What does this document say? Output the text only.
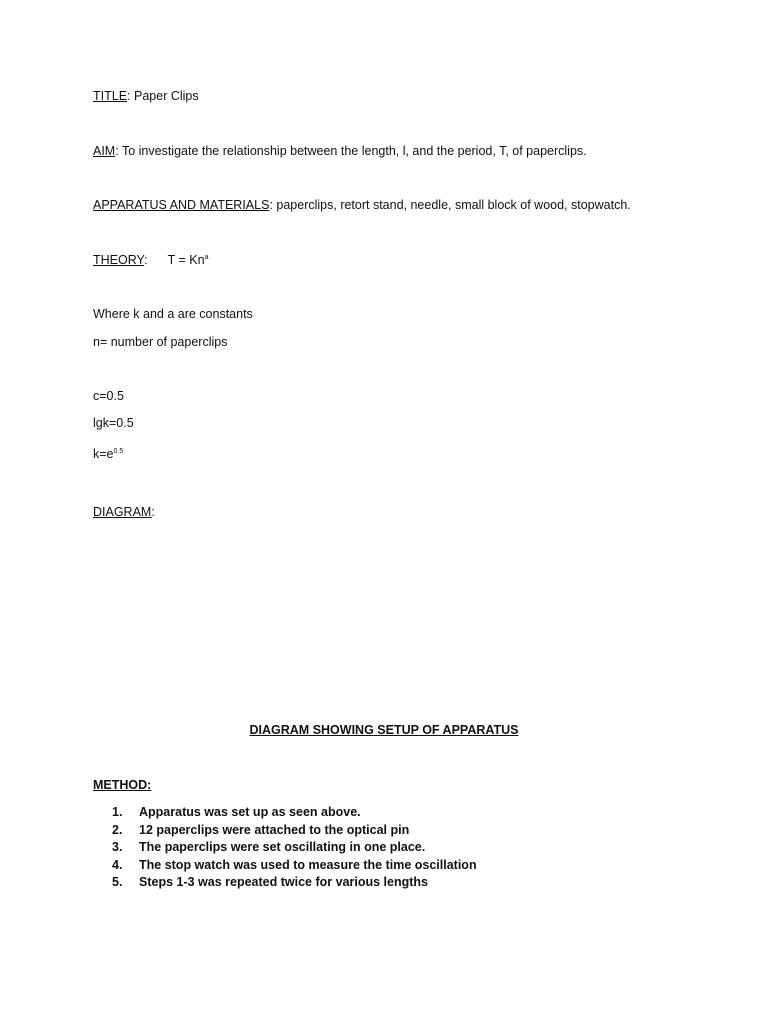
TITLE: Paper Clips
AIM: To investigate the relationship between the length, l, and the period, T, of paperclips.
APPARATUS AND MATERIALS: paperclips, retort stand, needle, small block of wood, stopwatch.
THEORY: $T = Kn^a$
Where k and a are constants
n= number of paperclips
c=0.5
lgk=0.5
$k=e^{0.5}$
DIAGRAM:
DIAGRAM SHOWING SETUP OF APPARATUS
METHOD:
1.	Apparatus was set up as seen above.
2.	12 paperclips were attached to the optical pin
3.	The paperclips were set oscillating in one place.
4.	The stop watch was used to measure the time oscillation
5.	Steps 1-3 was repeated twice for various lengths
